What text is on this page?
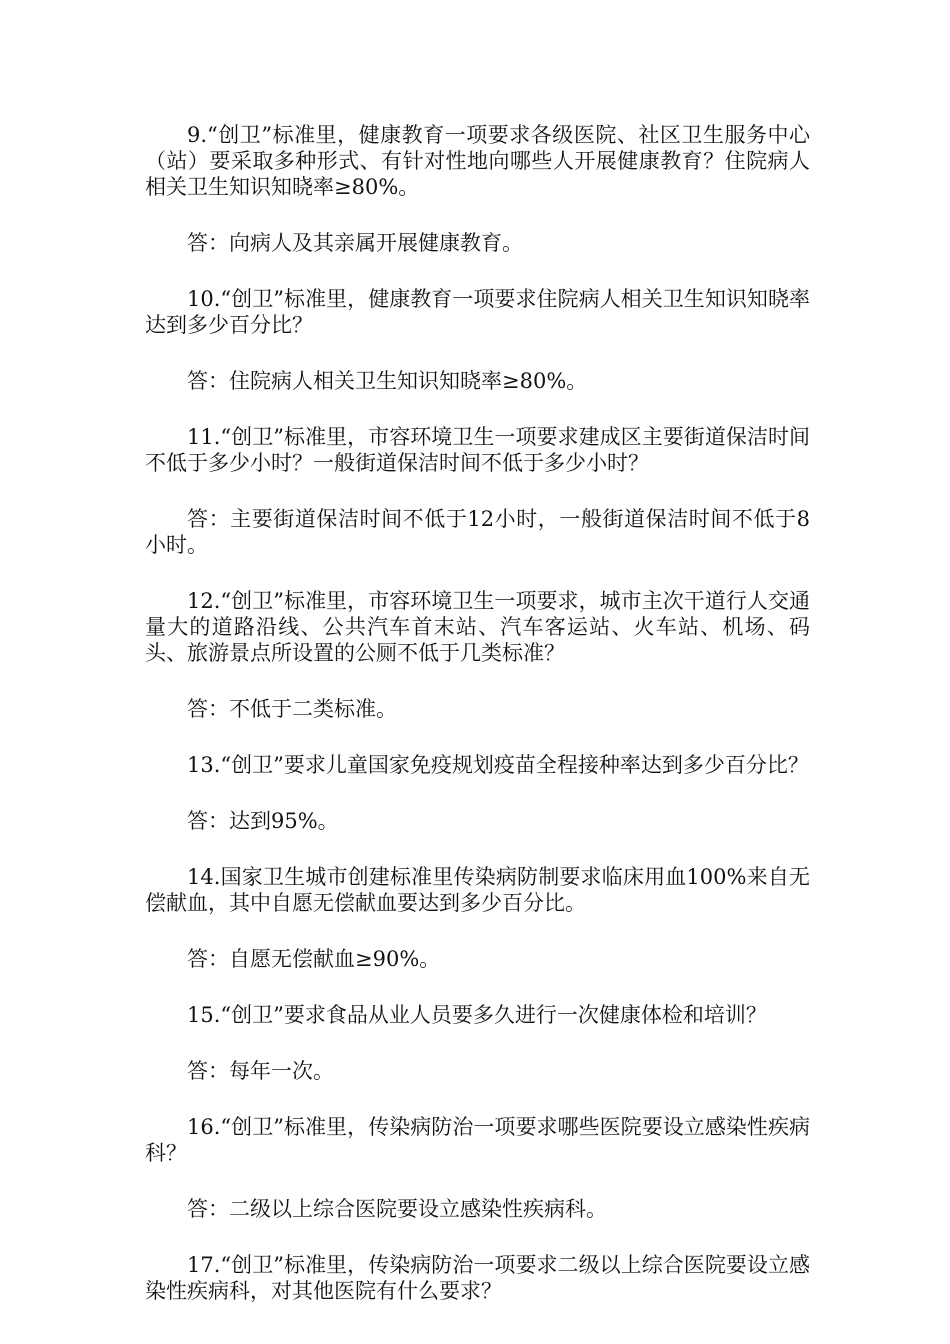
9.“创卫”标准里，健康教育一项要求各级医院、社区卫生服务中心（站）要采取多种形式、有针对性地向哪些人开展健康教育？住院病人相关卫生知识知晓率≥80%。

答：向病人及其亲属开展健康教育。

10.“创卫”标准里，健康教育一项要求住院病人相关卫生知识知晓率达到多少百分比？

答：住院病人相关卫生知识知晓率≥80%。

11.“创卫”标准里，市容环境卫生一项要求建成区主要街道保洁时间不低于多少小时？一般街道保洁时间不低于多少小时？

答：主要街道保洁时间不低于12小时，一般街道保洁时间不低于8小时。

12.“创卫”标准里，市容环境卫生一项要求，城市主次干道行人交通量大的道路沿线、公共汽车首末站、汽车客运站、火车站、机场、码头、旅游景点所设置的公厕不低于几类标准？

答：不低于二类标准。

13.“创卫”要求儿童国家免疫规划疫苗全程接种率达到多少百分比？

答：达到95%。

14.国家卫生城市创建标准里传染病防制要求临床用血100%来自无偿献血，其中自愿无偿献血要达到多少百分比。

答：自愿无偿献血≥90%。

15.“创卫”要求食品从业人员要多久进行一次健康体检和培训？

答：每年一次。

16.“创卫”标准里，传染病防治一项要求哪些医院要设立感染性疾病科？

答：二级以上综合医院要设立感染性疾病科。

17.“创卫”标准里，传染病防治一项要求二级以上综合医院要设立感染性疾病科，对其他医院有什么要求？
